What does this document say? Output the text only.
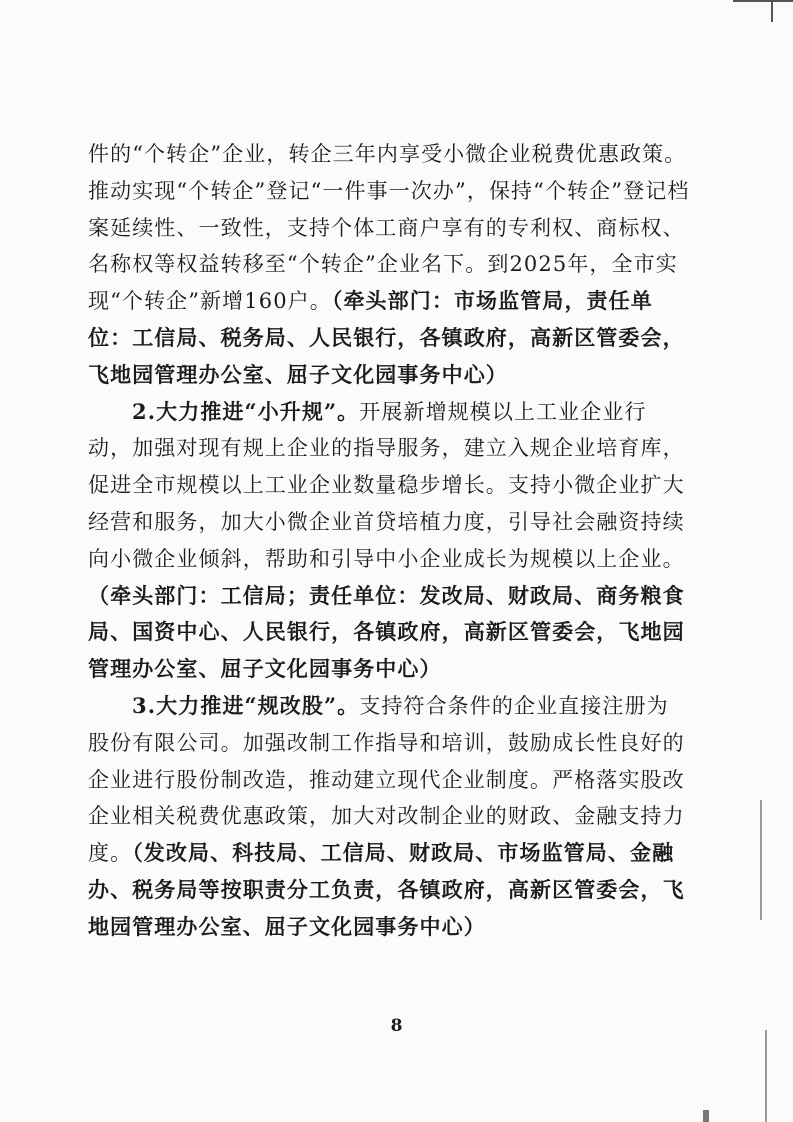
件的“个转企”企业，转企三年内享受小微企业税费优惠政策。推动实现“个转企”登记“一件事一次办”，保持“个转企”登记档案延续性、一致性，支持个体工商户享有的专利权、商标权、名称权等权益转移至“个转企”企业名下。到2025年，全市实现“个转企”新增160户。（牵头部门：市场监管局，责任单位：工信局、税务局、人民银行，各镇政府，高新区管委会，飞地园管理办公室、屈子文化园事务中心）

2.大力推进“小升规”。开展新增规模以上工业企业行动，加强对现有规上企业的指导服务，建立入规企业培育库，促进全市规模以上工业企业数量稳步增长。支持小微企业扩大经营和服务，加大小微企业首贷培植力度，引导社会融资持续向小微企业倾斜，帮助和引导中小企业成长为规模以上企业。（牵头部门：工信局；责任单位：发改局、财政局、商务粮食局、国资中心、人民银行，各镇政府，高新区管委会，飞地园管理办公室、屈子文化园事务中心）

3.大力推进“规改股”。支持符合条件的企业直接注册为股份有限公司。加强改制工作指导和培训，鼓励成长性良好的企业进行股份制改造，推动建立现代企业制度。严格落实股改企业相关税费优惠政策，加大对改制企业的财政、金融支持力度。（发改局、科技局、工信局、财政局、市场监管局、金融办、税务局等按职责分工负责，各镇政府，高新区管委会，飞地园管理办公室、屈子文化园事务中心）

8
